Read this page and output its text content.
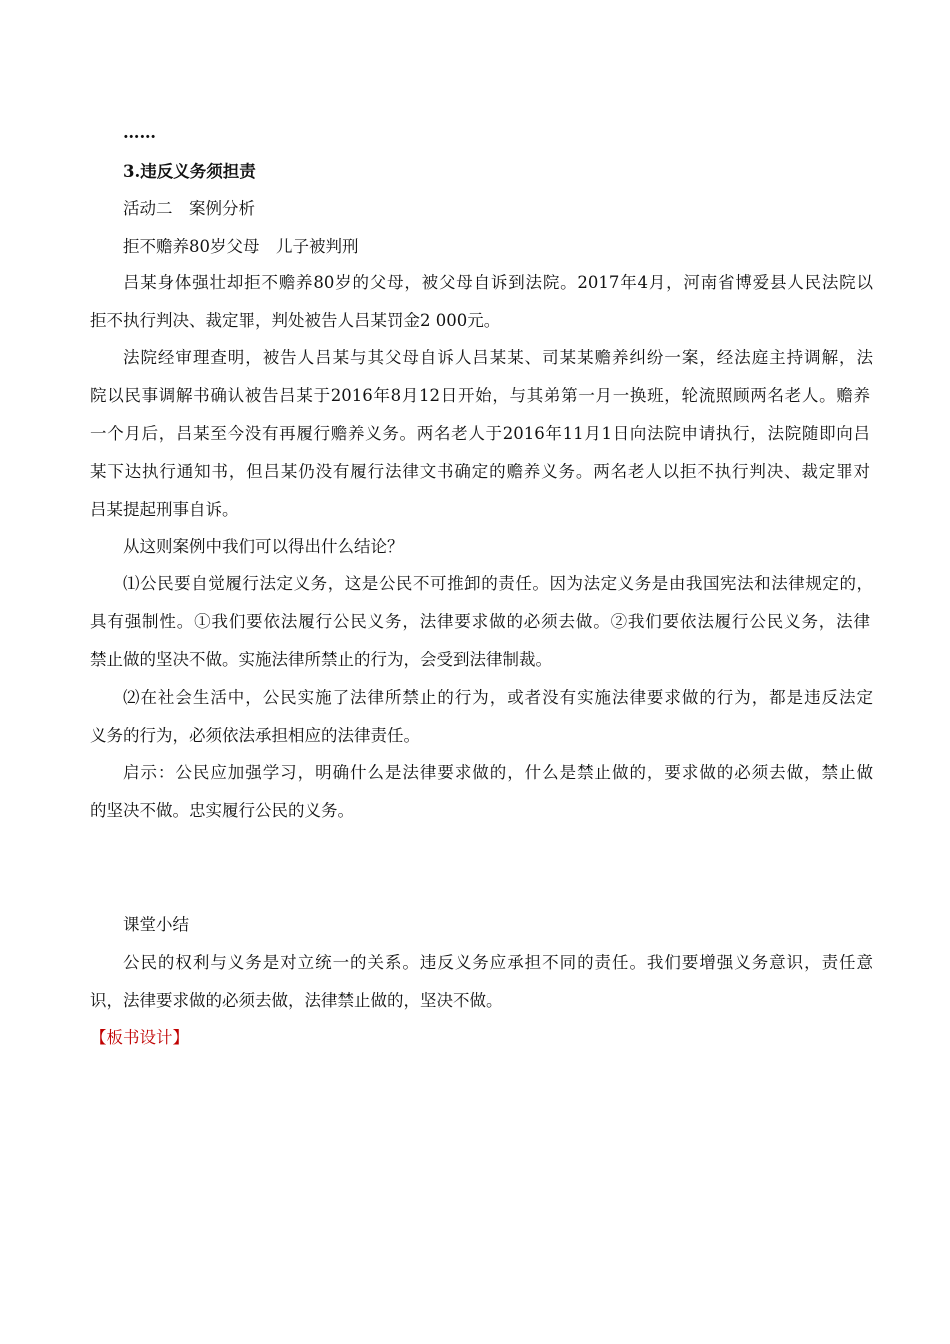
……
3.违反义务须担责
活动二　案例分析
拒不赡养80岁父母　儿子被判刑
吕某身体强壮却拒不赡养80岁的父母，被父母自诉到法院。2017年4月，河南省博爱县人民法院以
拒不执行判决、裁定罪，判处被告人吕某罚金2 000元。
法院经审理查明，被告人吕某与其父母自诉人吕某某、司某某赡养纠纷一案，经法庭主持调解，法
院以民事调解书确认被告吕某于2016年8月12日开始，与其弟第一月一换班，轮流照顾两名老人。赡养
一个月后，吕某至今没有再履行赡养义务。两名老人于2016年11月1日向法院申请执行，法院随即向吕
某下达执行通知书，但吕某仍没有履行法律文书确定的赡养义务。两名老人以拒不执行判决、裁定罪对
吕某提起刑事自诉。
从这则案例中我们可以得出什么结论？
⑴公民要自觉履行法定义务，这是公民不可推卸的责任。因为法定义务是由我国宪法和法律规定的，
具有强制性。①我们要依法履行公民义务，法律要求做的必须去做。②我们要依法履行公民义务，法律
禁止做的坚决不做。实施法律所禁止的行为，会受到法律制裁。
⑵在社会生活中，公民实施了法律所禁止的行为，或者没有实施法律要求做的行为，都是违反法定
义务的行为，必须依法承担相应的法律责任。
启示：公民应加强学习，明确什么是法律要求做的，什么是禁止做的，要求做的必须去做，禁止做
的坚决不做。忠实履行公民的义务。
课堂小结
公民的权利与义务是对立统一的关系。违反义务应承担不同的责任。我们要增强义务意识，责任意
识，法律要求做的必须去做，法律禁止做的，坚决不做。
【板书设计】
